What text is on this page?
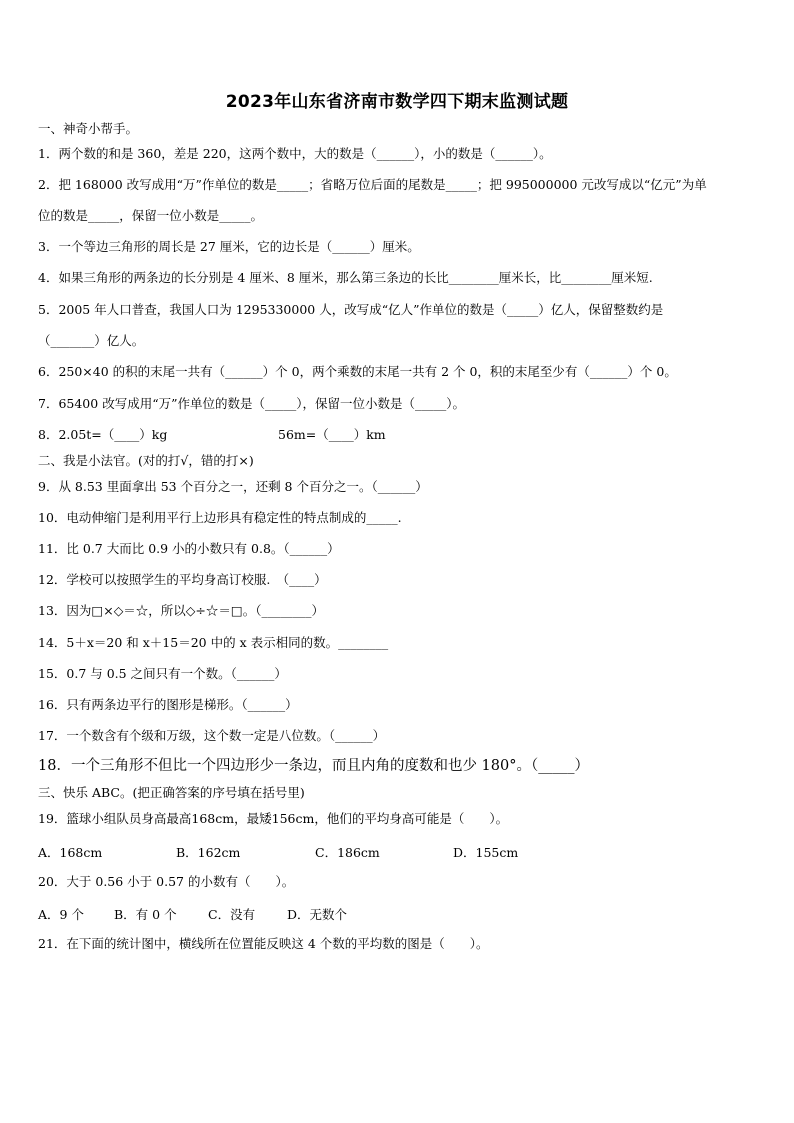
2023年山东省济南市数学四下期末监测试题
一、神奇小帮手。
1．两个数的和是 360，差是 220，这两个数中，大的数是（______），小的数是（______）。
2．把 168000 改写成用“万”作单位的数是_____；省略万位后面的尾数是_____；把 995000000 元改写成以“亿元”为单
位的数是_____，保留一位小数是_____。
3．一个等边三角形的周长是 27 厘米，它的边长是（______）厘米。
4．如果三角形的两条边的长分别是 4 厘米、8 厘米，那么第三条边的长比________厘米长，比________厘米短.
5．2005 年人口普查，我国人口为 1295330000 人，改写成“亿人”作单位的数是（_____）亿人，保留整数约是
（_______）亿人。
6．250×40 的积的末尾一共有（______）个 0，两个乘数的末尾一共有 2 个 0，积的末尾至少有（______）个 0。
7．65400 改写成用“万”作单位的数是（_____），保留一位小数是（_____）。
8．2.05t=（____）kg	56m=（____）km
二、我是小法官。(对的打√，错的打×)
9．从 8.53 里面拿出 53 个百分之一，还剩 8 个百分之一。（______）
10．电动伸缩门是利用平行上边形具有稳定性的特点制成的_____.
11．比 0.7 大而比 0.9 小的小数只有 0.8。（______）
12．学校可以按照学生的平均身高订校服.　（____）
13．因为□×◇＝☆，所以◇÷☆＝□。（________）
14．5＋x＝20 和 x＋15＝20 中的 x 表示相同的数。________
15．0.7 与 0.5 之间只有一个数。（______）
16．只有两条边平行的图形是梯形。（______）
17．一个数含有个级和万级，这个数一定是八位数。（______）
18．一个三角形不但比一个四边形少一条边，而且内角的度数和也少 180°。（_____）
三、快乐 ABC。(把正确答案的序号填在括号里)
19．篮球小组队员身高最高168cm，最矮156cm，他们的平均身高可能是（　　）。
A．168cm	B．162cm	C．186cm	D．155cm
20．大于 0.56 小于 0.57 的小数有（　　）。
A．9 个 B．有 0 个	C．没有	D．无数个
21．在下面的统计图中，横线所在位置能反映这 4 个数的平均数的图是（　　）。
